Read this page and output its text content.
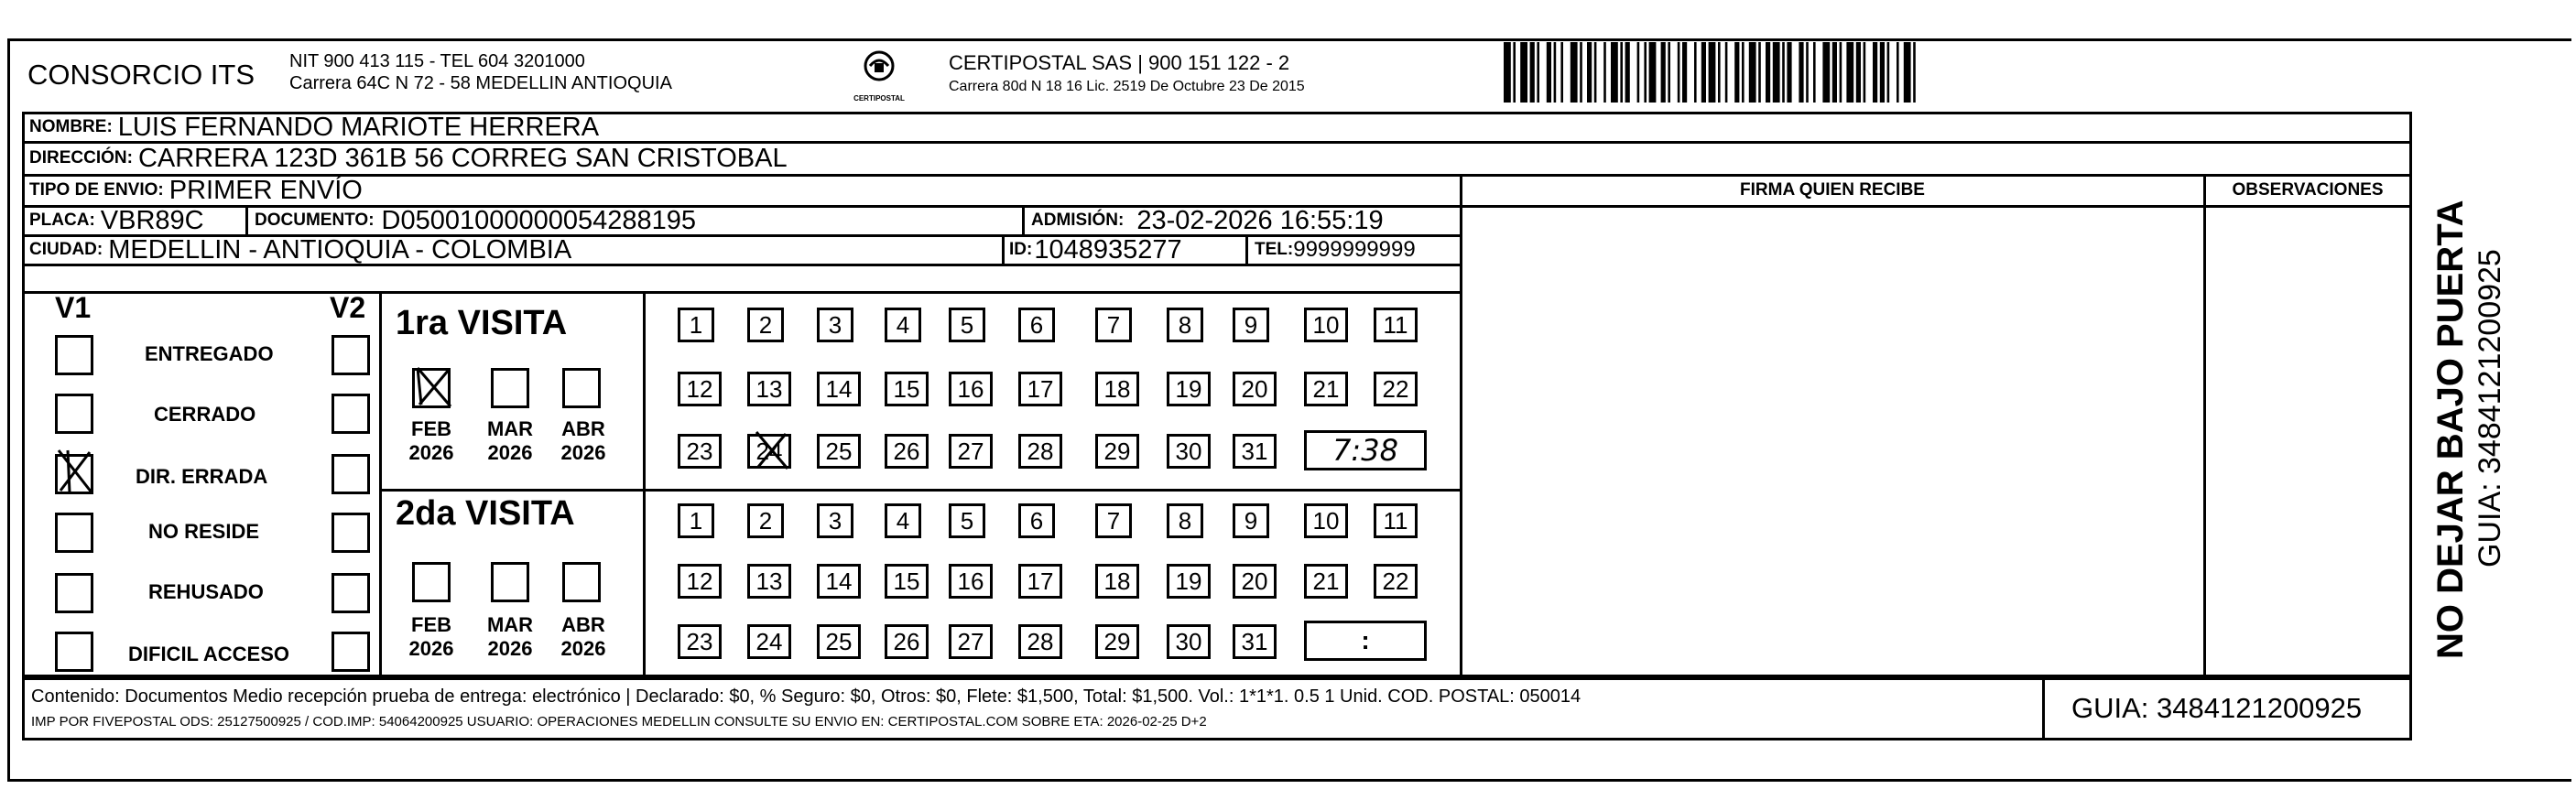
CONSORCIO ITS NIT 900 413 115 - TEL 604 3201000
Carrera 64C N 72 - 58 MEDELLIN ANTIOQUIA
CERTIPOSTAL
CERTIPOSTAL SAS | 900 151 122 - 2
Carrera 80d N 18 16 Lic. 2519 De Octubre 23 De 2015
NOMBRE: LUIS FERNANDO MARIOTE HERRERA
DIRECCIÓN: CARRERA 123D 361B 56 CORREG SAN CRISTOBAL
TIPO DE ENVIO: PRIMER ENVÍO	FIRMA QUIEN RECIBE	OBSERVACIONES
PLACA: VBR89C	DOCUMENTO: D05001000000054288195	ADMISIÓN: 23-02-2026 16:55:19
CIUDAD: MEDELLIN - ANTIOQUIA - COLOMBIA	ID: 1048935277	TEL: 9999999999
V1	V2
ENTREGADO
CERRADO
DIR. ERRADA
NO RESIDE
REHUSADO
DIFICIL ACCESO
1ra VISITA
FEB
2026
MAR
2026
ABR
2026
1	2	3	4	5	6	7	8	9	10	11
12	13	14	15	16	17	18	19	20	21	22
23	24	25	26	27	28	29	30	31 7:38
2da VISITA
FEB
2026
MAR
2026
ABR
2026
1	2	3	4	5	6	7	8	9	10	11
12	13	14	15	16	17	18	19	20	21	22
23	24	25	26	27	28	29	30	31	:
Contenido: Documentos Medio recepción prueba de entrega: electrónico | Declarado: $0, % Seguro: $0, Otros: $0, Flete: $1,500, Total: $1,500. Vol.: 1*1*1. 0.5 1 Unid. COD. POSTAL: 050014
IMP POR FIVEPOSTAL ODS: 25127500925 / COD.IMP: 54064200925 USUARIO: OPERACIONES MEDELLIN CONSULTE SU ENVIO EN: CERTIPOSTAL.COM SOBRE ETA: 2026-02-25 D+2	GUIA: 3484121200925
NO DEJAR BAJO PUERTA GUIA: 3484121200925
